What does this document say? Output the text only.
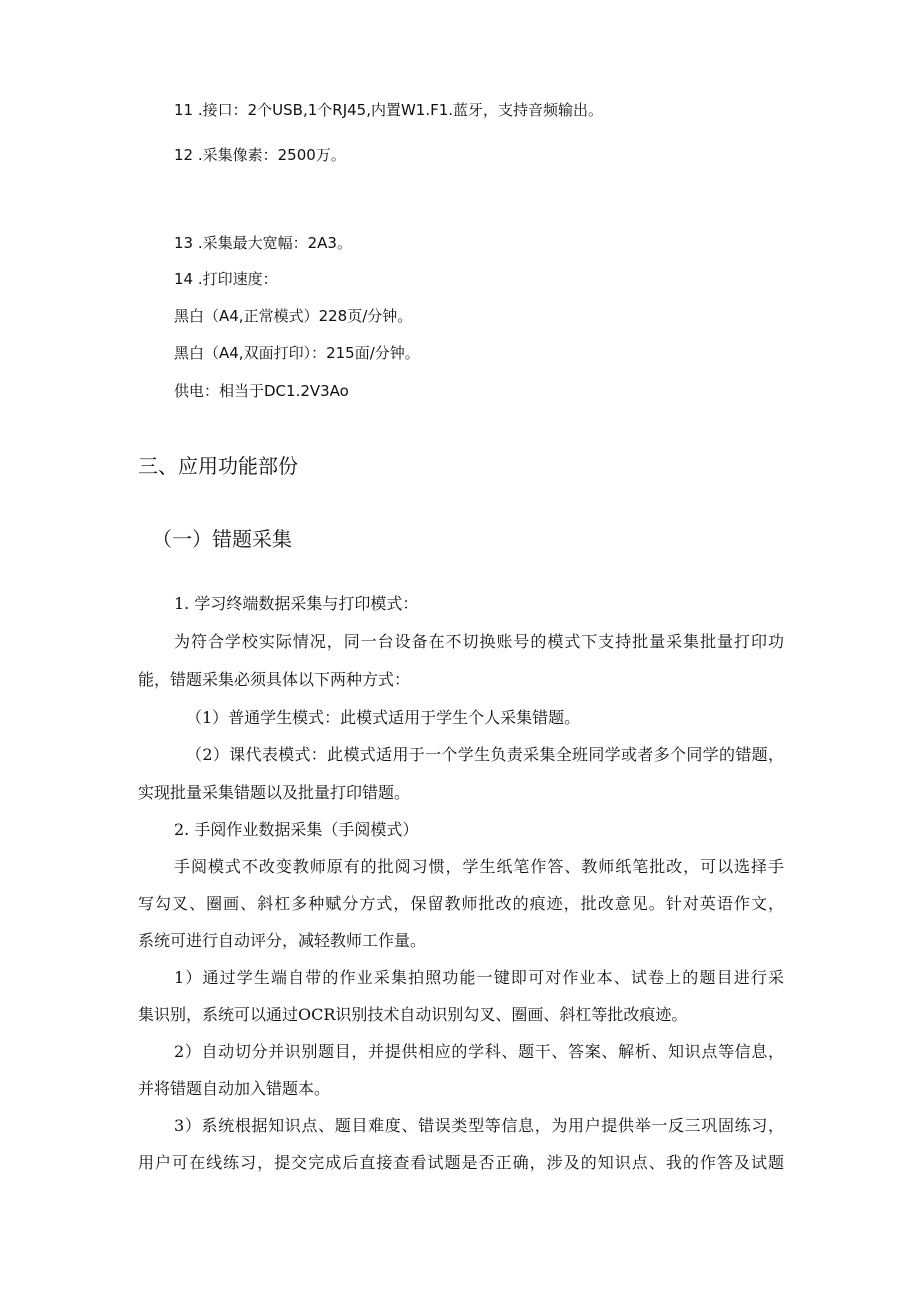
11 .接口：2个USB,1个RJ45,内置W1.F1.蓝牙，支持音频输出。
12 .采集像素：2500万。
13 .采集最大宽幅：2A3。
14 .打印速度：
黑白（A4,正常模式）228页/分钟。
黑白（A4,双面打印）：215面/分钟。
供电：相当于DC1.2V3Ao
三、应用功能部份
（一）错题采集
1. 学习终端数据采集与打印模式：
为符合学校实际情况，同一台设备在不切换账号的模式下支持批量采集批量打印功
能，错题采集必须具体以下两种方式：
（1）普通学生模式：此模式适用于学生个人采集错题。
（2）课代表模式：此模式适用于一个学生负责采集全班同学或者多个同学的错题，
实现批量采集错题以及批量打印错题。
2. 手阅作业数据采集（手阅模式）
手阅模式不改变教师原有的批阅习惯，学生纸笔作答、教师纸笔批改，可以选择手
写勾叉、圈画、斜杠多种赋分方式，保留教师批改的痕迹，批改意见。针对英语作文，
系统可进行自动评分，减轻教师工作量。
1）通过学生端自带的作业采集拍照功能一键即可对作业本、试卷上的题目进行采
集识别，系统可以通过OCR识别技术自动识别勾叉、圈画、斜杠等批改痕迹。
2）自动切分并识别题目，并提供相应的学科、题干、答案、解析、知识点等信息，
并将错题自动加入错题本。
3）系统根据知识点、题目难度、错误类型等信息，为用户提供举一反三巩固练习，
用户可在线练习，提交完成后直接查看试题是否正确，涉及的知识点、我的作答及试题
